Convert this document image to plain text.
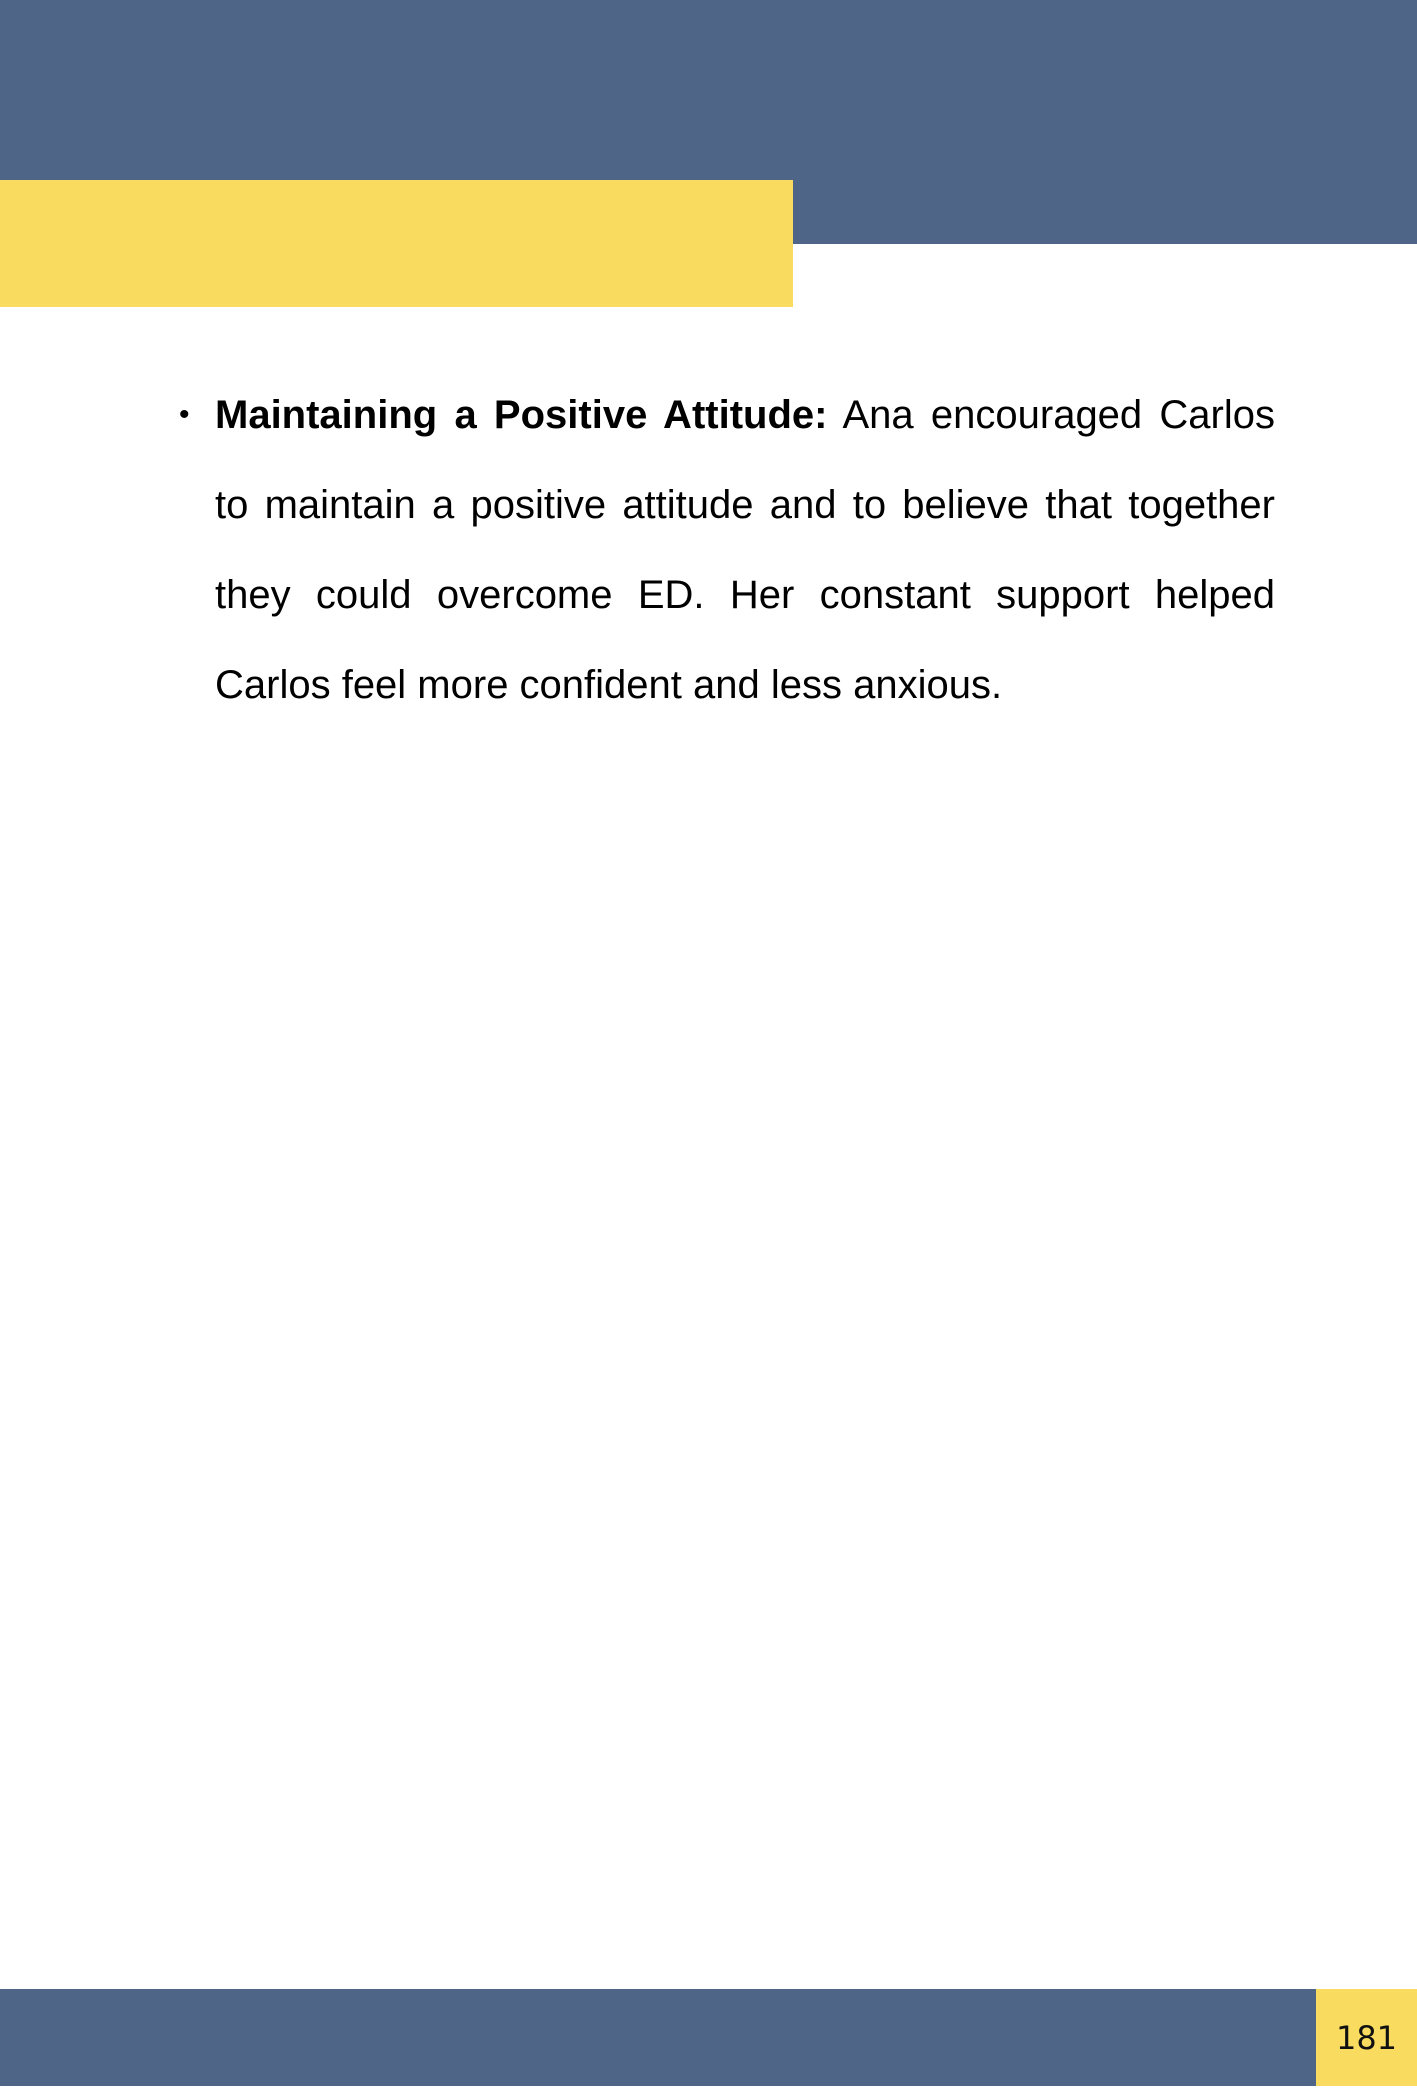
• Maintaining a Positive Attitude: Ana encouraged Carlos to maintain a positive attitude and to believe that together they could overcome ED. Her constant support helped Carlos feel more confident and less anxious.
181
